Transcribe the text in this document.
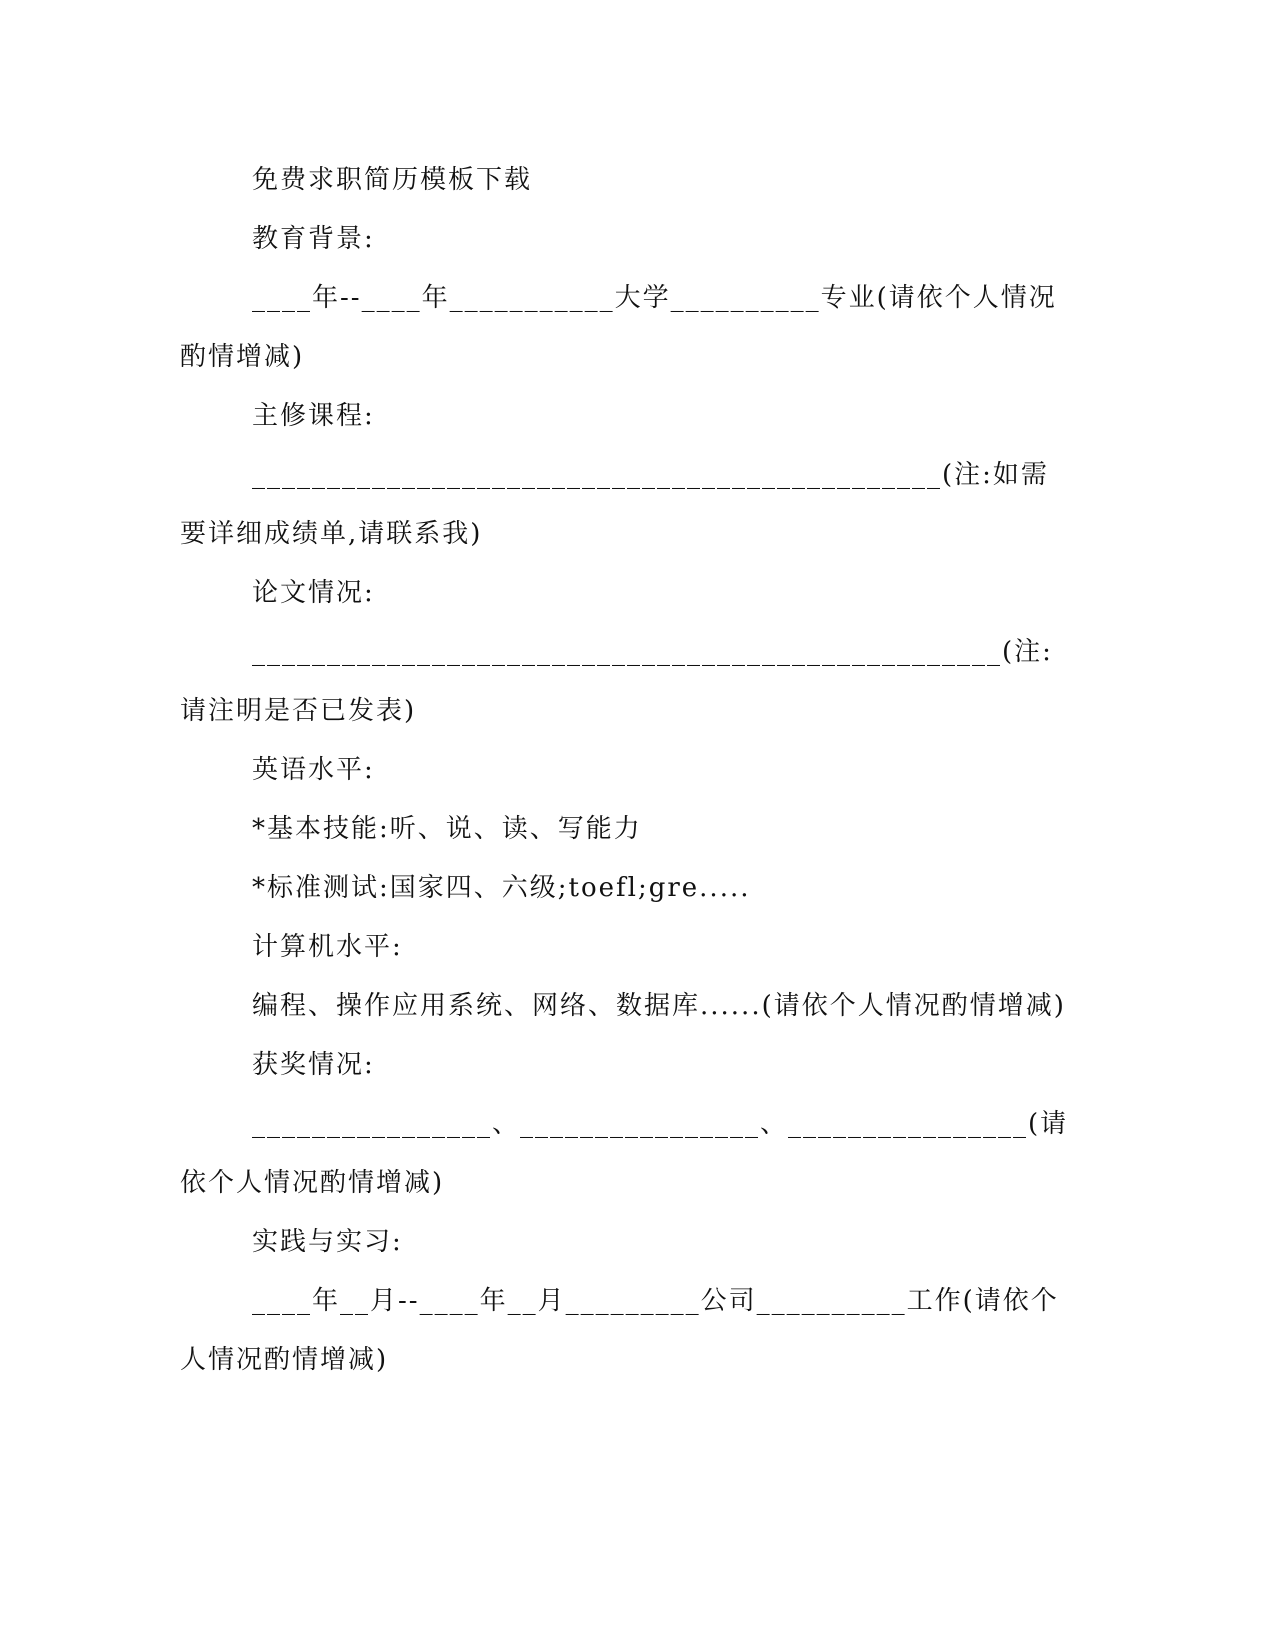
免费求职简历模板下载
教育背景:
____年--____年___________大学__________专业(请依个人情况
酌情增减)
主修课程:
______________________________________________(注:如需
要详细成绩单,请联系我)
论文情况:
__________________________________________________(注:
请注明是否已发表)
英语水平:
*基本技能:听、说、读、写能力
*标准测试:国家四、六级;toefl;gre.....
计算机水平:
编程、操作应用系统、网络、数据库......(请依个人情况酌情增减)
获奖情况:
________________、________________、________________(请
依个人情况酌情增减)
实践与实习:
____年__月--____年__月_________公司__________工作(请依个
人情况酌情增减)
